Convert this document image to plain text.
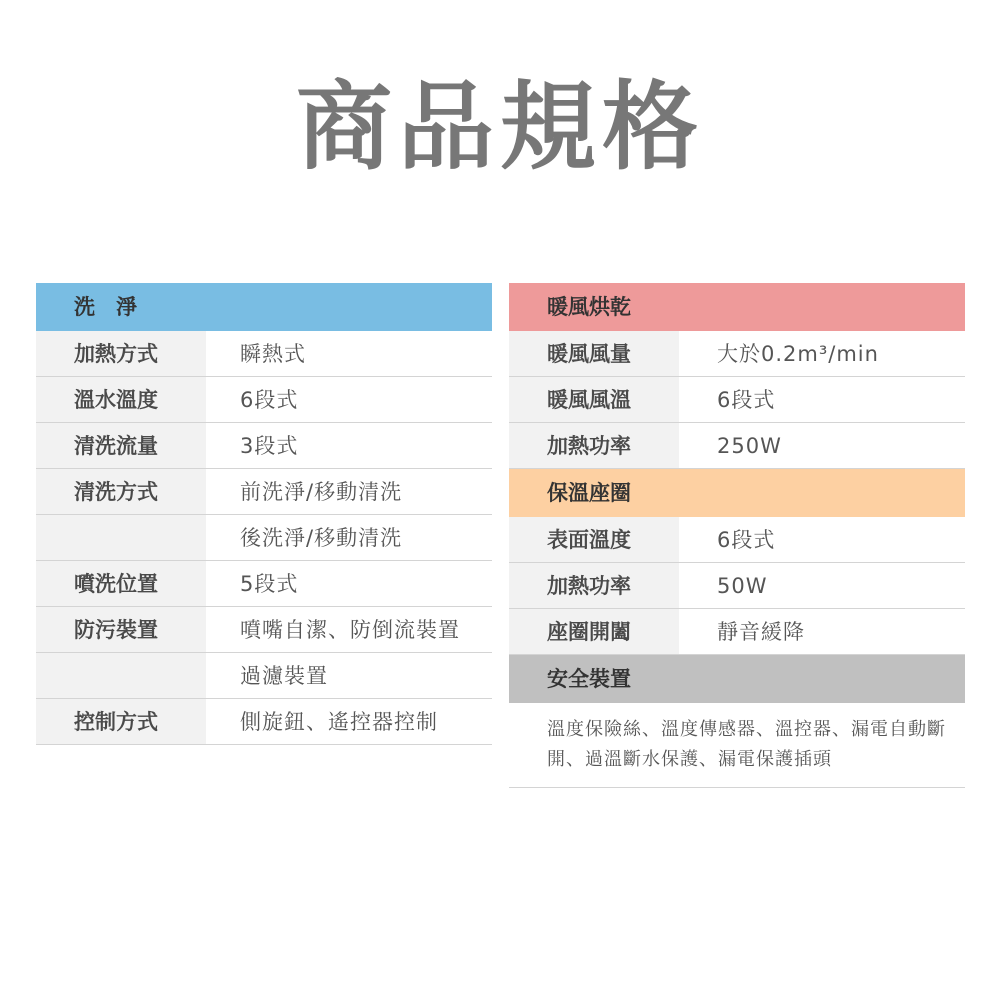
商品規格
洗　淨
加熱方式	瞬熱式
溫水溫度	6段式
清洗流量	3段式
清洗方式	前洗淨/移動清洗
後洗淨/移動清洗
噴洗位置	5段式
防污裝置	噴嘴自潔、防倒流裝置
過濾裝置
控制方式	側旋鈕、遙控器控制
暖風烘乾
暖風風量	大於0.2m³/min
暖風風溫	6段式
加熱功率	250W
保溫座圈
表面溫度	6段式
加熱功率	50W
座圈開闔	靜音緩降
安全裝置
溫度保險絲、溫度傳感器、溫控器、漏電自動斷開、過溫斷水保護、漏電保護插頭
